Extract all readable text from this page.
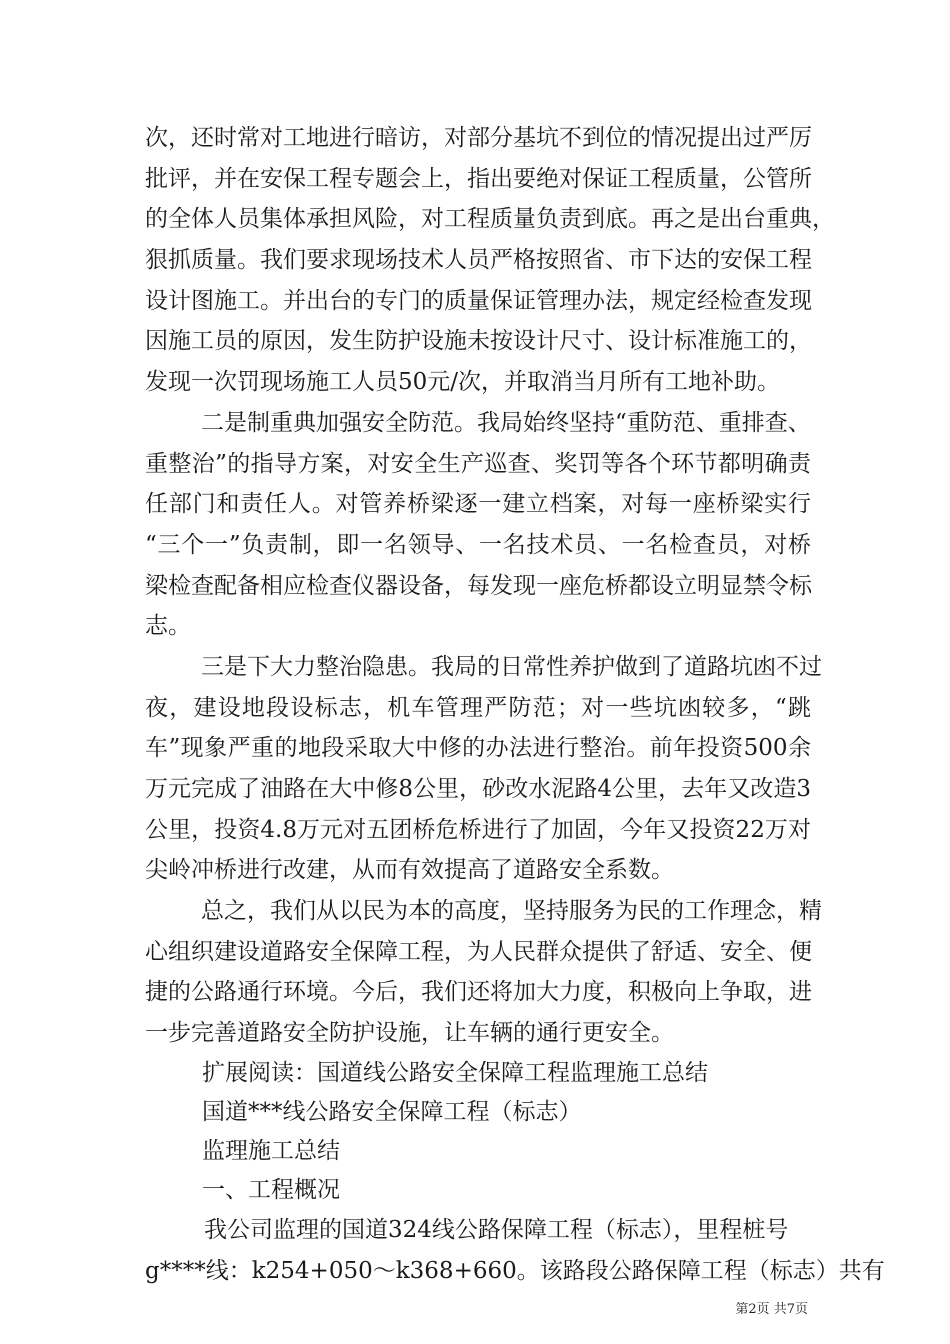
次，还时常对工地进行暗访，对部分基坑不到位的情况提出过严厉
批评，并在安保工程专题会上，指出要绝对保证工程质量，公管所
的全体人员集体承担风险，对工程质量负责到底。再之是出台重典，
狠抓质量。我们要求现场技术人员严格按照省、市下达的安保工程
设计图施工。并出台的专门的质量保证管理办法，规定经检查发现
因施工员的原因，发生防护设施未按设计尺寸、设计标准施工的，
发现一次罚现场施工人员50元/次，并取消当月所有工地补助。
二是制重典加强安全防范。我局始终坚持“重防范、重排查、
重整治”的指导方案，对安全生产巡查、奖罚等各个环节都明确责
任部门和责任人。对管养桥梁逐一建立档案，对每一座桥梁实行
“三个一”负责制，即一名领导、一名技术员、一名检查员，对桥
梁检查配备相应检查仪器设备，每发现一座危桥都设立明显禁令标
志。
三是下大力整治隐患。我局的日常性养护做到了道路坑凼不过
夜，建设地段设标志，机车管理严防范；对一些坑凼较多，“跳
车”现象严重的地段采取大中修的办法进行整治。前年投资500余
万元完成了油路在大中修8公里，砂改水泥路4公里，去年又改造3
公里，投资4.8万元对五团桥危桥进行了加固，今年又投资22万对
尖岭冲桥进行改建，从而有效提高了道路安全系数。
总之，我们从以民为本的高度，坚持服务为民的工作理念，精
心组织建设道路安全保障工程，为人民群众提供了舒适、安全、便
捷的公路通行环境。今后，我们还将加大力度，积极向上争取，进
一步完善道路安全防护设施，让车辆的通行更安全。
扩展阅读：国道线公路安全保障工程监理施工总结
国道***线公路安全保障工程（标志）
监理施工总结
一、工程概况
我公司监理的国道324线公路保障工程（标志），里程桩号
g****线：k254+050～k368+660。该路段公路保障工程（标志）共有
第2页 共7页
